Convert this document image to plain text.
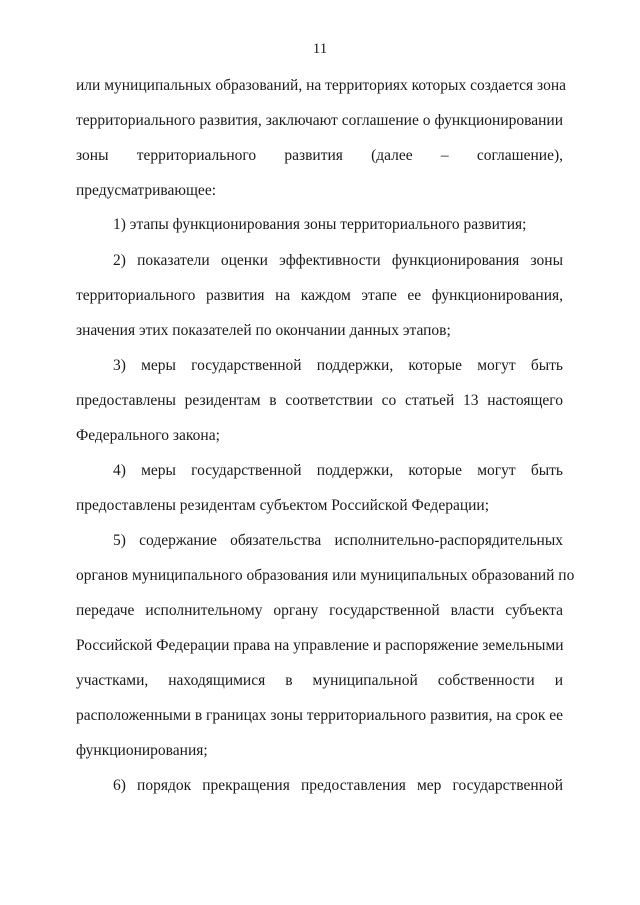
11
или муниципальных образований, на территориях которых создается зона
территориального развития, заключают соглашение о функционировании
зоны территориального развития (далее – соглашение),
предусматривающее:
1) этапы функционирования зоны территориального развития;
2) показатели оценки эффективности функционирования зоны
территориального развития на каждом этапе ее функционирования,
значения этих показателей по окончании данных этапов;
3) меры государственной поддержки, которые могут быть
предоставлены резидентам в соответствии со статьей 13 настоящего
Федерального закона;
4) меры государственной поддержки, которые могут быть
предоставлены резидентам субъектом Российской Федерации;
5) содержание обязательства исполнительно-распорядительных
органов муниципального образования или муниципальных образований по
передаче исполнительному органу государственной власти субъекта
Российской Федерации права на управление и распоряжение земельными
участками, находящимися в муниципальной собственности и
расположенными в границах зоны территориального развития, на срок ее
функционирования;
6) порядок прекращения предоставления мер государственной
